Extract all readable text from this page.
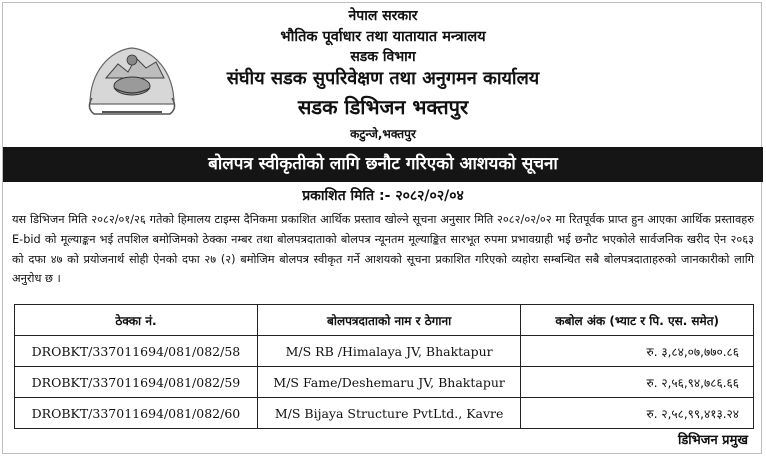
नेपाल सरकार
भौतिक पूर्वाधार तथा यातायात मन्त्रालय
सडक विभाग
संघीय सडक सुपरिवेक्षण तथा अनुगमन कार्यालय
सडक डिभिजन भक्तपुर
कटुन्जे,भक्तपुर
बोलपत्र स्वीकृतीको लागि छनौट गरिएको आशयको सूचना
प्रकाशित मिति :- २०८२/०२/०४

यस डिभिजन मिति २०८२/०१/२६ गतेको हिमालय टाइम्स दैनिकमा प्रकाशित आर्थिक प्रस्ताव खोल्ने सूचना अनुसार मिति २०८२/०२/०२ मा रितपूर्वक प्राप्त हुन आएका आर्थिक प्रस्तावहरु E-bid को मूल्याङ्कन भई तपशिल बमोजिमको ठेक्का नम्बर तथा बोलपत्रदाताको बोलपत्र न्यूनतम मूल्याङ्कित सारभूत रुपमा प्रभावग्राही भई छनौट भएकोले सार्वजनिक खरीद ऐन २०६३ को दफा ४७ को प्रयोजनार्थ सोही ऐनको दफा २७ (२) बमोजिम बोलपत्र स्वीकृत गर्ने आशयको सूचना प्रकाशित गरिएको व्यहोरा सम्बन्धित सबै बोलपत्रदाताहरुको जानकारीको लागि अनुरोध छ ।

ठेक्का नं.	बोलपत्रदाताको नाम र ठेगाना	कबोल अंक (भ्याट र पि. एस. समेत)
DROBKT/337011694/081/082/58	M/S RB /Himalaya JV, Bhaktapur	रु. ३,८४,०७,७७०.८६
DROBKT/337011694/081/082/59	M/S Fame/Deshemaru JV, Bhaktapur	रु. २,५६,९४,७८६.६६
DROBKT/337011694/081/082/60	M/S Bijaya Structure PvtLtd., Kavre	रु. २,५८,९९,४१३.२४
डिभिजन प्रमुख
